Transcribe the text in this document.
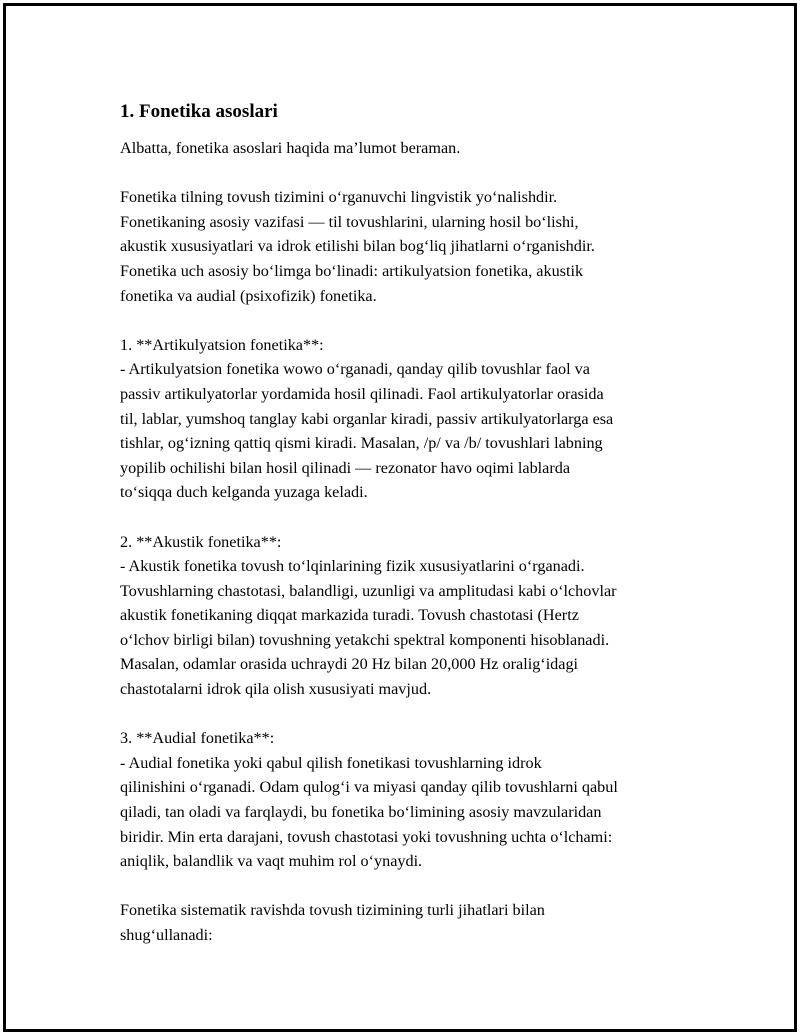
1. Fonetika asoslari

Albatta, fonetika asoslari haqida ma’lumot beraman.

Fonetika tilning tovush tizimini o‘rganuvchi lingvistik yo‘nalishdir.
Fonetikaning asosiy vazifasi — til tovushlarini, ularning hosil bo‘lishi,
akustik xususiyatlari va idrok etilishi bilan bog‘liq jihatlarni o‘rganishdir.
Fonetika uch asosiy bo‘limga bo‘linadi: artikulyatsion fonetika, akustik
fonetika va audial (psixofizik) fonetika.

1. **Artikulyatsion fonetika**:

- Artikulyatsion fonetika wowo o‘rganadi, qanday qilib tovushlar faol va
passiv artikulyatorlar yordamida hosil qilinadi. Faol artikulyatorlar orasida
til, lablar, yumshoq tanglay kabi organlar kiradi, passiv artikulyatorlarga esa
tishlar, og‘izning qattiq qismi kiradi. Masalan, /p/ va /b/ tovushlari labning
yopilib ochilishi bilan hosil qilinadi — rezonator havo oqimi lablarda
to‘siqqa duch kelganda yuzaga keladi.

2. **Akustik fonetika**:

- Akustik fonetika tovush to‘lqinlarining fizik xususiyatlarini o‘rganadi.
Tovushlarning chastotasi, balandligi, uzunligi va amplitudasi kabi o‘lchovlar
akustik fonetikaning diqqat markazida turadi. Tovush chastotasi (Hertz
o‘lchov birligi bilan) tovushning yetakchi spektral komponenti hisoblanadi.
Masalan, odamlar orasida uchraydi 20 Hz bilan 20,000 Hz oralig‘idagi
chastotalarni idrok qila olish xususiyati mavjud.

3. **Audial fonetika**:

- Audial fonetika yoki qabul qilish fonetikasi tovushlarning idrok
qilinishini o‘rganadi. Odam qulog‘i va miyasi qanday qilib tovushlarni qabul
qiladi, tan oladi va farqlaydi, bu fonetika bo‘limining asosiy mavzularidan
biridir. Min erta darajani, tovush chastotasi yoki tovushning uchta o‘lchami:
aniqlik, balandlik va vaqt muhim rol o‘ynaydi.

Fonetika sistematik ravishda tovush tizimining turli jihatlari bilan
shug‘ullanadi:
